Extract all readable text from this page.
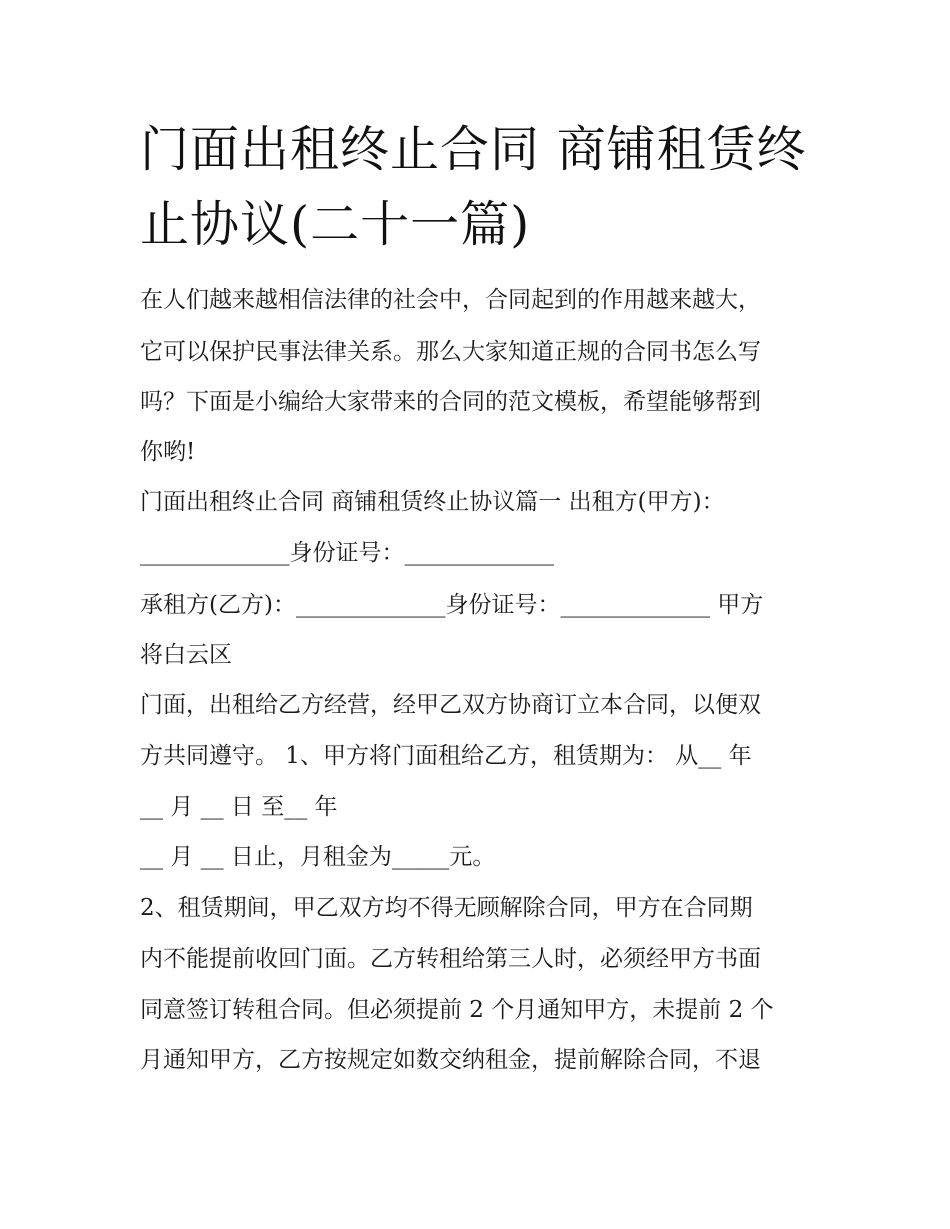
门面出租终止合同 商铺租赁终止协议(二十一篇)

在人们越来越相信法律的社会中，合同起到的作用越来越大，

它可以保护民事法律关系。那么大家知道正规的合同书怎么写

吗？下面是小编给大家带来的合同的范文模板，希望能够帮到

你哟!

门面出租终止合同 商铺租赁终止协议篇一 出租方(甲方)：

_____________身份证号：_____________

承租方(乙方)：_____________身份证号：_____________ 甲方

将白云区

门面，出租给乙方经营，经甲乙双方协商订立本合同，以便双

方共同遵守。 1、甲方将门面租给乙方，租赁期为： 从__ 年

__ 月 __ 日 至__ 年

__ 月 __ 日止，月租金为_____元。

2、租赁期间，甲乙双方均不得无顾解除合同，甲方在合同期

内不能提前收回门面。乙方转租给第三人时，必须经甲方书面

同意签订转租合同。但必须提前 2 个月通知甲方，未提前 2 个

月通知甲方，乙方按规定如数交纳租金，提前解除合同，不退
